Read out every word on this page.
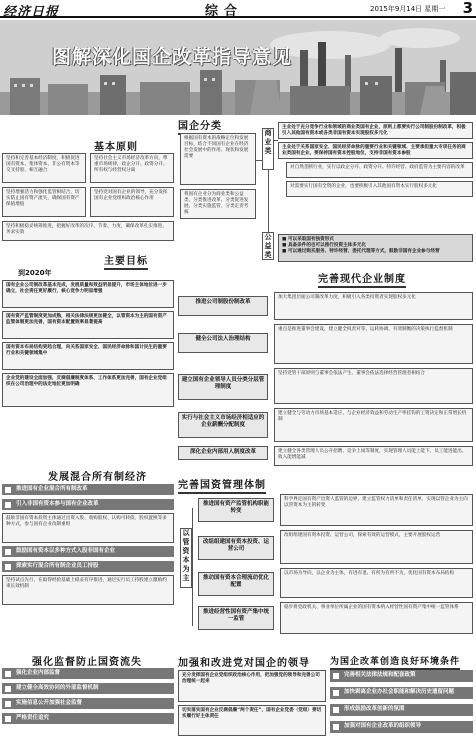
经济日报	综合	2015年9月14日 星期一 3
图解深化国企改革指导意见
基本原则
坚持和完善基本经济制度，积极促进国有资本、集体资本、非公有资本等交叉持股、相互融合
坚持社会主义市场经济改革方向，尊重市场规律，政企分开、政资分开、所有权与经营权分离
坚持增强活力和强化监管相结合，切实防止国有资产流失，确保国有资产保值增值
坚持党对国有企业的领导，充分发挥国有企业党组织政治核心作用
坚持积极稳妥统筹推进，把握好改革的次序、节奏、力度，确保改革扎实推进、务求实效
主要目标
到2020年
国有企业公司制改革基本完成，发展质量和效益明显提升，市场主体地位进一步确立，社会责任更好履行，核心竞争力明显增强
国有资产监管制度更加成熟，相关法律法规更加健全，以管资本为主的国有资产监管体制更加完善，国有资本配置效率显著提高
国有资本布局结构更趋合理，向关系国家安全、国民经济命脉和国计民生的重要行业和关键领域集中
企业党的建设全面加强，反腐倡廉制度体系、工作体系更加完善，国有企业党组织在公司治理中的法定地位更加明确
发展混合所有制经济
推进国有企业混合所有制改革
引入非国有资本参与国有企业改革
鼓励非国有资本投资主体通过出资入股、收购股权、认购可转债、股权置换等多种方式，参与国有企业改制重组
鼓励国有资本以多种方式入股非国有企业
探索实行混合所有制企业员工持股
坚持试点先行，在取得经验基础上稳妥有序推进，通过实行员工持股建立激励约束长效机制
强化监督防止国资流失
强化企业内部监督
建立健全高效协同的外部监督机制
实施信息公开加强社会监督
严格责任追究
国企分类
根据国有资本的战略定位和发展目标，结合不同国有企业在经济社会发展中的作用、现状和发展需要
将国有企业分为商业类和公益类，分类推进改革、分类促进发展、分类实施监管、分类定责考核
商业类
主业处于充分竞争行业和领域的商业类国有企业，原则上都要实行公司制股份制改革，积极引入其他国有资本或各类非国有资本实现股权多元化
主业处于关系国家安全、国民经济命脉的重要行业和关键领域、主要承担重大专项任务的商业类国有企业，要保持国有资本控股地位，支持非国有资本参股
对自然垄断行业，实行以政企分开、政资分开、特许经营、政府监管为主要内容的改革
对需要实行国有全资的企业，也要积极引入其他国有资本实行股权多元化
公益类
■ 可以采取国有独资形式
■ 具备条件的也可以推行投资主体多元化
■ 可以通过购买服务、特许经营、委托代理等方式，鼓励非国有企业参与经营
完善现代企业制度
推进公司制股份制改革
加大集团层面公司制改革力度，积极引入各类投资者实现股权多元化
健全公司法人治理结构
重点是推进董事会建设，建立健全权责对等、运转协调、有效制衡的决策执行监督机制
建立国有企业领导人员分类分层管理制度
坚持党管干部原则与董事会依法产生、董事会依法选择经营管理者相结合
实行与社会主义市场经济相适应的企业薪酬分配制度
建立健全与劳动力市场基本适应、与企业经济效益和劳动生产率挂钩的工资决定和正常增长机制
深化企业内部用人制度改革	建立健全各类管理人员公开招聘、竞争上岗等制度，实现管理人员能上能下、员工能进能出、收入能增能减
完善国资管理体制
以管资本为主
推进国有资产监管机构职能转变
科学界定国有资产出资人监管的边界，建立监管权力清单和责任清单，实现以管企业为主向以管资本为主的转变
改组组建国有资本投资、运营公司
改组组建国有资本投资、运营公司，探索有效的运营模式，主要开展股权运营
推动国有资本合理流动优化配置
以市场为导向，以企业为主体，有进有退、有所为有所不为，优化国有资本布局结构
推进经营性国有资产集中统一监管
稳步将党政机关、事业单位所属企业的国有资本纳入经营性国有资产集中统一监管体系
加强和改进党对国企的领导
充分发挥国有企业党组织政治核心作用，把加强党的领导和完善公司治理统一起来
切实落实国有企业反腐倡廉“两个责任”，国有企业党委（党组）要切实履行好主体责任
为国企改革创造良好环境条件
完善相关法律法规和配套政策
加快剥离企业办社会职能和解决历史遗留问题
形成鼓励改革创新的氛围
加强对国有企业改革的组织领导
